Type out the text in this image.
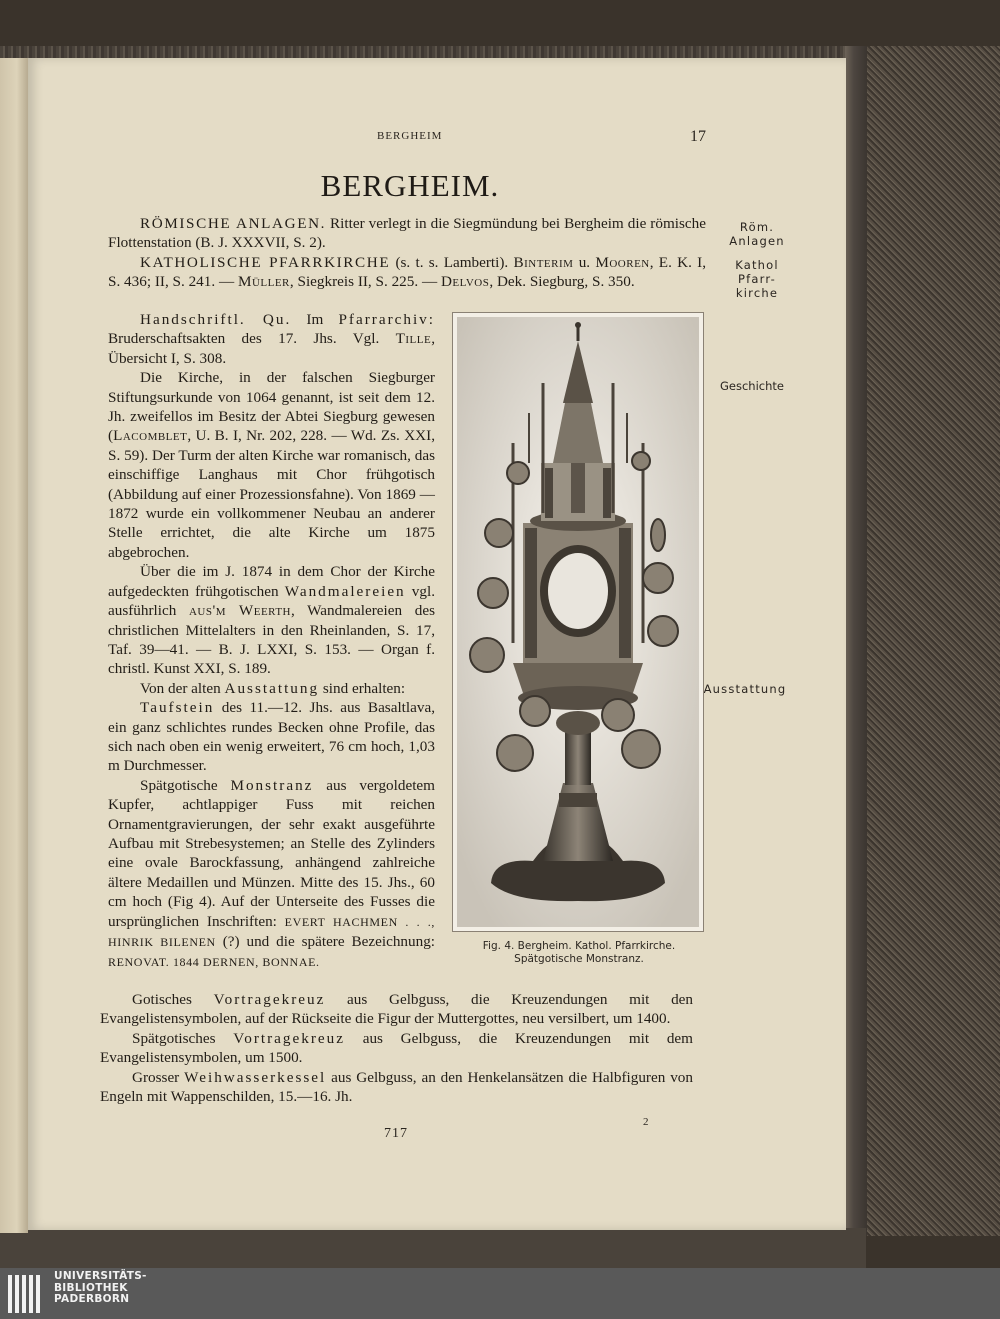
BERGHEIM	17
BERGHEIM.
Röm.
Anlagen
Kathol
Pfarr-
kirche
Geschichte
Ausstattung

RÖMISCHE ANLAGEN. Ritter verlegt in die Siegmündung bei Bergheim die römische Flottenstation (B. J. XXXVII, S. 2).

KATHOLISCHE PFARRKIRCHE (s. t. s. Lamberti). Binterim u. Mooren, E. K. I, S. 436; II, S. 241. — Müller, Siegkreis II, S. 225. — Delvos, Dek. Siegburg, S. 350.

Handschriftl. Qu. Im Pfarrarchiv: Bruderschaftsakten des 17. Jhs. Vgl. Tille, Übersicht I, S. 308.

Die Kirche, in der falschen Siegburger Stiftungsurkunde von 1064 genannt, ist seit dem 12. Jh. zweifellos im Besitz der Abtei Siegburg gewesen (Lacomblet, U. B. I, Nr. 202, 228. — Wd. Zs. XXI, S. 59). Der Turm der alten Kirche war romanisch, das einschiffige Langhaus mit Chor frühgotisch (Abbildung auf einer Prozessionsfahne). Von 1869 — 1872 wurde ein vollkommener Neubau an anderer Stelle errichtet, die alte Kirche um 1875 abgebrochen.

Über die im J. 1874 in dem Chor der Kirche aufgedeckten frühgotischen Wandmalereien vgl. ausführlich aus'm Weerth, Wandmalereien des christlichen Mittelalters in den Rheinlanden, S. 17, Taf. 39—41. — B. J. LXXI, S. 153. — Organ f. christl. Kunst XXI, S. 189.

Von der alten Ausstattung sind erhalten:

Taufstein des 11.—12. Jhs. aus Basaltlava, ein ganz schlichtes rundes Becken ohne Profile, das sich nach oben ein wenig erweitert, 76 cm hoch, 1,03 m Durchmesser.

Spätgotische Monstranz aus vergoldetem Kupfer, achtlappiger Fuss mit reichen Ornamentgravierungen, der sehr exakt ausgeführte Aufbau mit Strebesystemen; an Stelle des Zylinders eine ovale Barockfassung, anhängend zahlreiche ältere Medaillen und Münzen. Mitte des 15. Jhs., 60 cm hoch (Fig 4). Auf der Unterseite des Fusses die ursprünglichen Inschriften: EVERT HACHMEN . . ., HINRIK BILENEN (?) und die spätere Bezeichnung: RENOVAT. 1844 DERNEN, BONNAE.

Fig. 4. Bergheim. Kathol. Pfarrkirche.
Spätgotische Monstranz.

Gotisches Vortragekreuz aus Gelbguss, die Kreuzendungen mit den Evangelistensymbolen, auf der Rückseite die Figur der Muttergottes, neu versilbert, um 1400.

Spätgotisches Vortragekreuz aus Gelbguss, die Kreuzendungen mit dem Evangelistensymbolen, um 1500.

Grosser Weihwasserkessel aus Gelbguss, an den Henkelansätzen die Halbfiguren von Engeln mit Wappenschilden, 15.—16. Jh.

717
2
UNIVERSITÄTS-
BIBLIOTHEK
PADERBORN
